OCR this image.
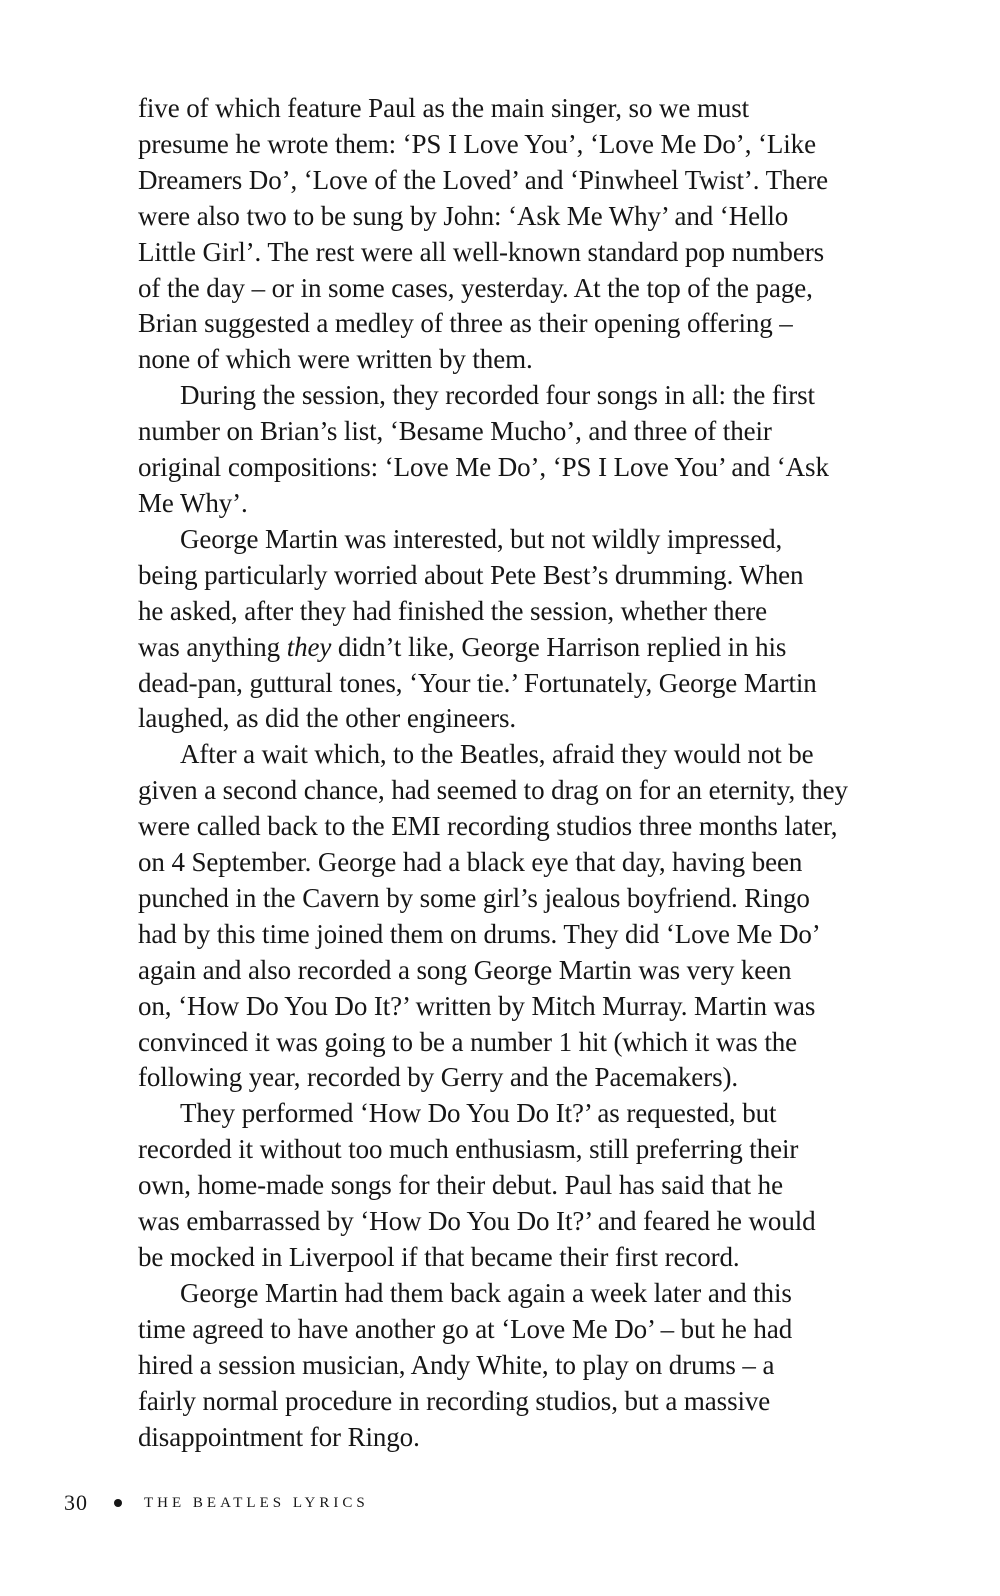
five of which feature Paul as the main singer, so we must
presume he wrote them: ‘PS I Love You’, ‘Love Me Do’, ‘Like
Dreamers Do’, ‘Love of the Loved’ and ‘Pinwheel Twist’. There
were also two to be sung by John: ‘Ask Me Why’ and ‘Hello
Little Girl’. The rest were all well-known standard pop numbers
of the day – or in some cases, yesterday. At the top of the page,
Brian suggested a medley of three as their opening offering –
none of which were written by them.

During the session, they recorded four songs in all: the first
number on Brian’s list, ‘Besame Mucho’, and three of their
original compositions: ‘Love Me Do’, ‘PS I Love You’ and ‘Ask
Me Why’.

George Martin was interested, but not wildly impressed,
being particularly worried about Pete Best’s drumming. When
he asked, after they had finished the session, whether there
was anything they didn’t like, George Harrison replied in his
dead-pan, guttural tones, ‘Your tie.’ Fortunately, George Martin
laughed, as did the other engineers.

After a wait which, to the Beatles, afraid they would not be
given a second chance, had seemed to drag on for an eternity, they
were called back to the EMI recording studios three months later,
on 4 September. George had a black eye that day, having been
punched in the Cavern by some girl’s jealous boyfriend. Ringo
had by this time joined them on drums. They did ‘Love Me Do’
again and also recorded a song George Martin was very keen
on, ‘How Do You Do It?’ written by Mitch Murray. Martin was
convinced it was going to be a number 1 hit (which it was the
following year, recorded by Gerry and the Pacemakers).

They performed ‘How Do You Do It?’ as requested, but
recorded it without too much enthusiasm, still preferring their
own, home-made songs for their debut. Paul has said that he
was embarrassed by ‘How Do You Do It?’ and feared he would
be mocked in Liverpool if that became their first record.

George Martin had them back again a week later and this
time agreed to have another go at ‘Love Me Do’ – but he had
hired a session musician, Andy White, to play on drums – a
fairly normal procedure in recording studios, but a massive
disappointment for Ringo.

30	THE BEATLES LYRICS
